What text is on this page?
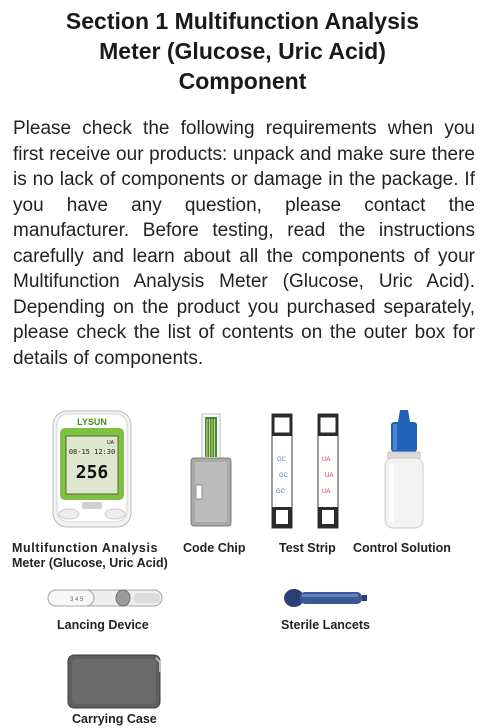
Section 1 Multifunction Analysis
Meter (Glucose, Uric Acid)
Component
Please check the following requirements when you first receive our products: unpack and make sure there is no lack of components or damage in the package. If you have any question, please contact the manufacturer. Before testing, read the instructions carefully and learn about all the components of your Multifunction Analysis Meter (Glucose, Uric Acid). Depending on the product you purchased separately, please check the list of contents on the outer box for details of components.
LYSUN
UA
08-15 12:30
256
GC
GC
GC
UA
UA
UA
3 4 5
Multifunction Analysis
Meter (Glucose, Uric Acid)
Code Chip	Test Strip Control Solution
Lancing Device	Sterile Lancets
Carrying Case
